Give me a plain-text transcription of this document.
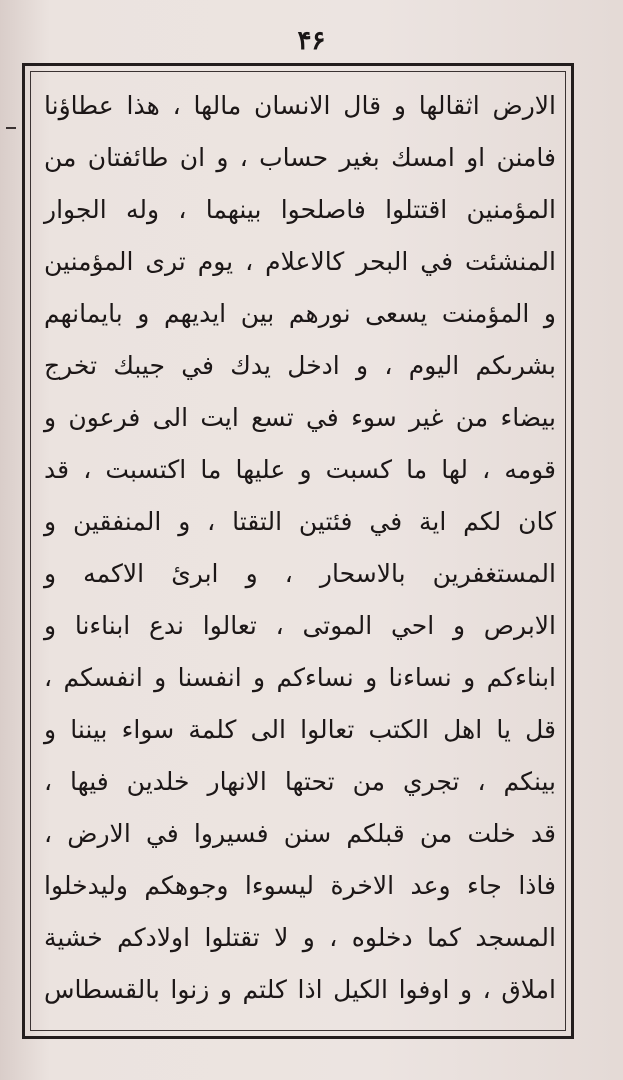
۴۶
الارض اثقالها و قال الانسان مالها ، هذا عطاؤنا
فامنن او امسك بغير حساب ، و ان طائفتان من
المؤمنين اقتتلوا فاصلحوا بينهما ، وله الجوار
المنشئت في البحر كالاعلام ، يوم ترى المؤمنين
و المؤمنت يسعى نورهم بين ايديهم و بايمانهم
بشرىكم اليوم ، و ادخل يدك في جيبك تخرج
بيضاء من غير سوء في تسع ايت الى فرعون و
قومه ، لها ما كسبت و عليها ما اكتسبت ، قد
كان لكم اية في فئتين التقتا ، و المنفقين و
المستغفرين بالاسحار ، و ابرئ الاكمه و
الابرص و احي الموتى ، تعالوا ندع ابناءنا و
ابناءكم و نساءنا و نساءكم و انفسنا و انفسكم ،
قل يا اهل الكتب تعالوا الى كلمة سواء بيننا و
بينكم ، تجري من تحتها الانهار خلدين فيها ،
قد خلت من قبلكم سنن فسيروا في الارض ،
فاذا جاء وعد الاخرة ليسوءا وجوهكم وليدخلوا
المسجد كما دخلوه ، و لا تقتلوا اولادكم خشية
املاق ، و اوفوا الكيل اذا كلتم و زنوا بالقسطاس
